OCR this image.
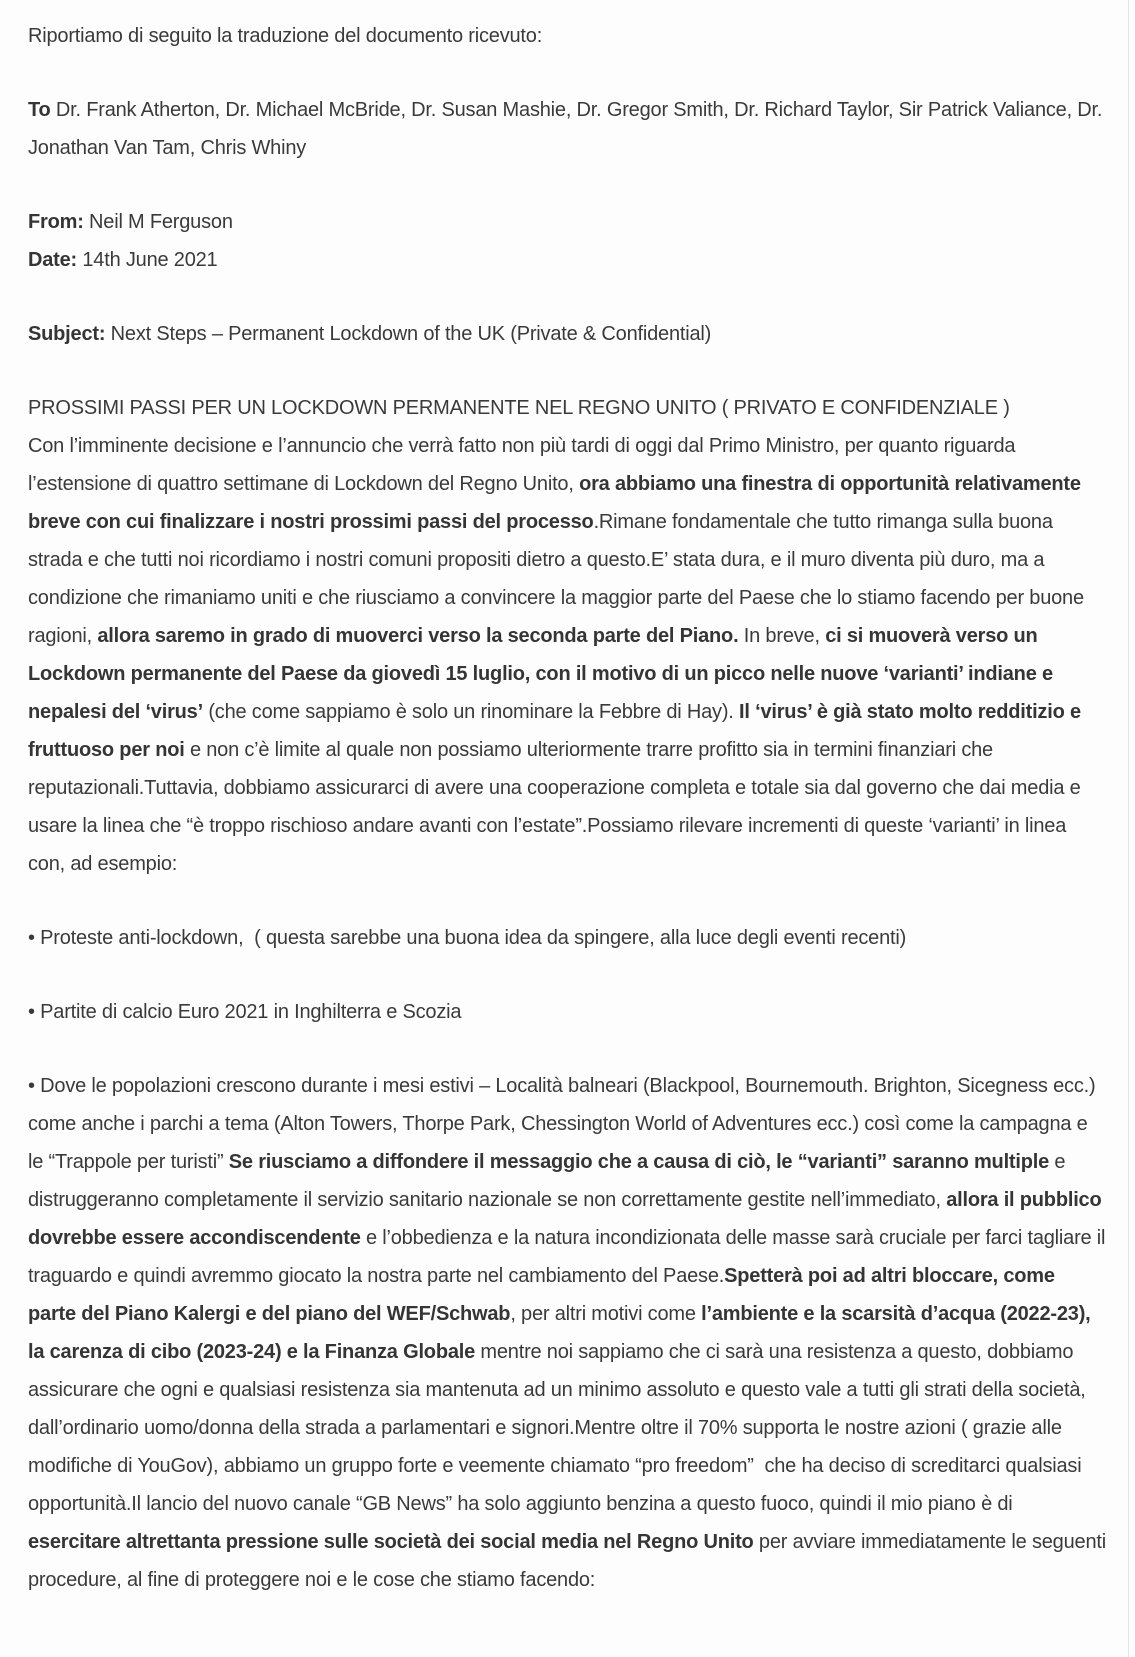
Riportiamo di seguito la traduzione del documento ricevuto:

To Dr. Frank Atherton, Dr. Michael McBride, Dr. Susan Mashie, Dr. Gregor Smith, Dr. Richard Taylor, Sir Patrick Valiance, Dr. Jonathan Van Tam, Chris Whiny

From: Neil M Ferguson
Date: 14th June 2021

Subject: Next Steps – Permanent Lockdown of the UK (Private & Confidential)

PROSSIMI PASSI PER UN LOCKDOWN PERMANENTE NEL REGNO UNITO ( PRIVATO E CONFIDENZIALE )
Con l’imminente decisione e l’annuncio che verrà fatto non più tardi di oggi dal Primo Ministro, per quanto riguarda l’estensione di quattro settimane di Lockdown del Regno Unito, ora abbiamo una finestra di opportunità relativamente breve con cui finalizzare i nostri prossimi passi del processo.Rimane fondamentale che tutto rimanga sulla buona strada e che tutti noi ricordiamo i nostri comuni propositi dietro a questo.E’ stata dura, e il muro diventa più duro, ma a condizione che rimaniamo uniti e che riusciamo a convincere la maggior parte del Paese che lo stiamo facendo per buone ragioni, allora saremo in grado di muoverci verso la seconda parte del Piano. In breve, ci si muoverà verso un Lockdown permanente del Paese da giovedì 15 luglio, con il motivo di un picco nelle nuove ‘varianti’ indiane e nepalesi del ‘virus’ (che come sappiamo è solo un rinominare la Febbre di Hay). Il ‘virus’ è già stato molto redditizio e fruttuoso per noi e non c’è limite al quale non possiamo ulteriormente trarre profitto sia in termini finanziari che reputazionali.Tuttavia, dobbiamo assicurarci di avere una cooperazione completa e totale sia dal governo che dai media e usare la linea che “è troppo rischioso andare avanti con l’estate”.Possiamo rilevare incrementi di queste ‘varianti’ in linea con, ad esempio:

• Proteste anti-lockdown,  ( questa sarebbe una buona idea da spingere, alla luce degli eventi recenti)

• Partite di calcio Euro 2021 in Inghilterra e Scozia

• Dove le popolazioni crescono durante i mesi estivi – Località balneari (Blackpool, Bournemouth. Brighton, Sicegness ecc.) come anche i parchi a tema (Alton Towers, Thorpe Park, Chessington World of Adventures ecc.) così come la campagna e le “Trappole per turisti” Se riusciamo a diffondere il messaggio che a causa di ciò, le “varianti” saranno multiple e distruggeranno completamente il servizio sanitario nazionale se non correttamente gestite nell’immediato, allora il pubblico dovrebbe essere accondiscendente e l’obbedienza e la natura incondizionata delle masse sarà cruciale per farci tagliare il traguardo e quindi avremmo giocato la nostra parte nel cambiamento del Paese.Spetterà poi ad altri bloccare, come parte del Piano Kalergi e del piano del WEF/Schwab, per altri motivi come l’ambiente e la scarsità d’acqua (2022-23), la carenza di cibo (2023-24) e la Finanza Globale mentre noi sappiamo che ci sarà una resistenza a questo, dobbiamo assicurare che ogni e qualsiasi resistenza sia mantenuta ad un minimo assoluto e questo vale a tutti gli strati della società, dall’ordinario uomo/donna della strada a parlamentari e signori.Mentre oltre il 70% supporta le nostre azioni ( grazie alle modifiche di YouGov), abbiamo un gruppo forte e veemente chiamato “pro freedom”  che ha deciso di screditarci qualsiasi opportunità.Il lancio del nuovo canale “GB News” ha solo aggiunto benzina a questo fuoco, quindi il mio piano è di esercitare altrettanta pressione sulle società dei social media nel Regno Unito per avviare immediatamente le seguenti procedure, al fine di proteggere noi e le cose che stiamo facendo:
